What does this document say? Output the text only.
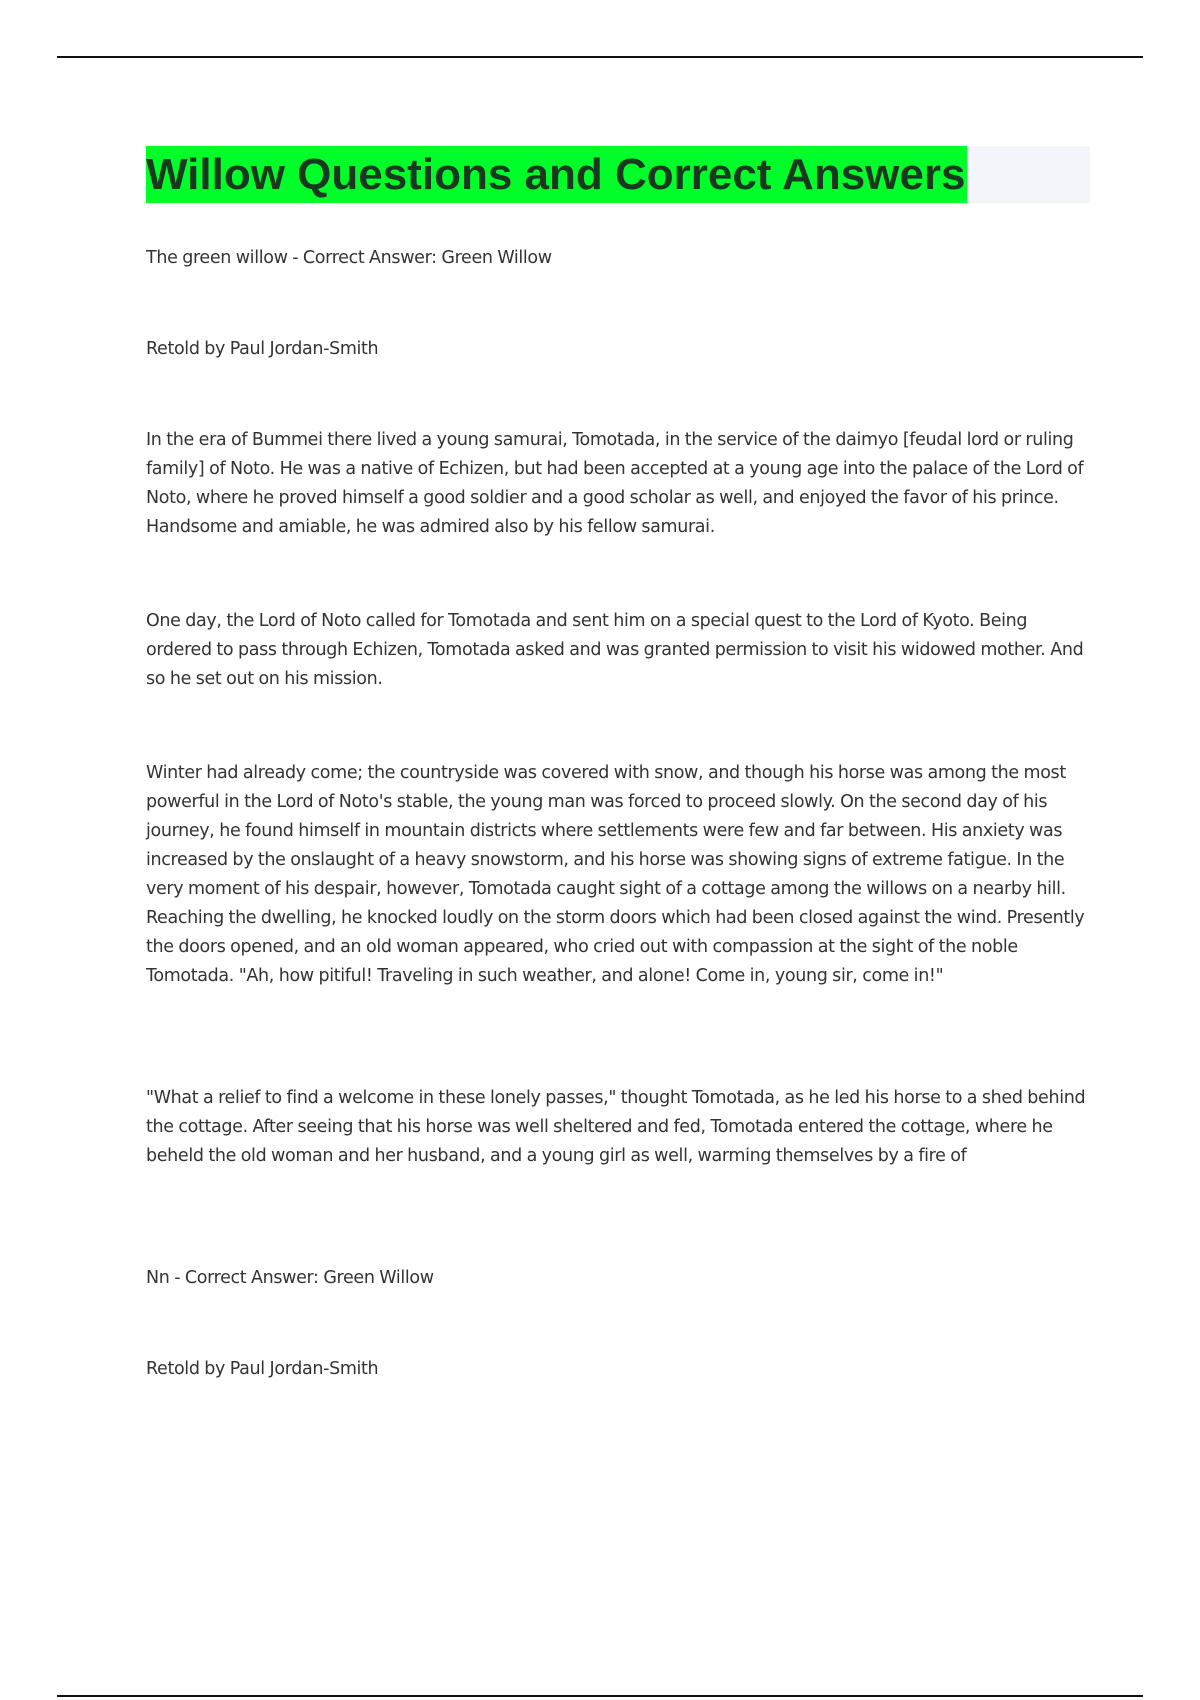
Willow Questions and Correct Answers

The green willow - Correct Answer: Green Willow

Retold by Paul Jordan-Smith

In the era of Bummei there lived a young samurai, Tomotada, in the service of the daimyo [feudal lord or ruling family] of Noto. He was a native of Echizen, but had been accepted at a young age into the palace of the Lord of Noto, where he proved himself a good soldier and a good scholar as well, and enjoyed the favor of his prince. Handsome and amiable, he was admired also by his fellow samurai.

One day, the Lord of Noto called for Tomotada and sent him on a special quest to the Lord of Kyoto. Being ordered to pass through Echizen, Tomotada asked and was granted permission to visit his widowed mother. And so he set out on his mission.

Winter had already come; the countryside was covered with snow, and though his horse was among the most powerful in the Lord of Noto's stable, the young man was forced to proceed slowly. On the second day of his journey, he found himself in mountain districts where settlements were few and far between. His anxiety was increased by the onslaught of a heavy snowstorm, and his horse was showing signs of extreme fatigue. In the very moment of his despair, however, Tomotada caught sight of a cottage among the willows on a nearby hill. Reaching the dwelling, he knocked loudly on the storm doors which had been closed against the wind. Presently the doors opened, and an old woman appeared, who cried out with compassion at the sight of the noble Tomotada. "Ah, how pitiful! Traveling in such weather, and alone! Come in, young sir, come in!"

"What a relief to find a welcome in these lonely passes," thought Tomotada, as he led his horse to a shed behind the cottage. After seeing that his horse was well sheltered and fed, Tomotada entered the cottage, where he beheld the old woman and her husband, and a young girl as well, warming themselves by a fire of

Nn - Correct Answer: Green Willow

Retold by Paul Jordan-Smith
